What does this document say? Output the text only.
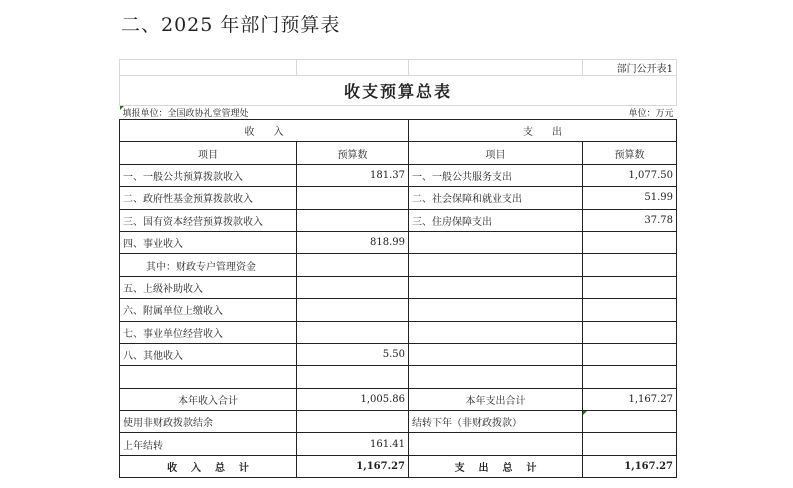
二、2025 年部门预算表
			部门公开表1
收支预算总表			

填报单位：全国政协礼堂管理处			单位：万元
收      入		支      出	
项目	预算数	项目	预算数
一、一般公共预算拨款收入	181.37	一、一般公共服务支出	1,077.50
二、政府性基金预算拨款收入		二、社会保障和就业支出	51.99
三、国有资本经营预算拨款收入		三、住房保障支出	37.78
四、事业收入	818.99		
其中：财政专户管理资金			
五、上级补助收入			
六、附属单位上缴收入			
七、事业单位经营收入			
八、其他收入	5.50		

本年收入合计	1,005.86	本年支出合计	1,167.27
使用非财政拨款结余		结转下年（非财政拨款）	

上年结转	161.41		
收    入    总    计	1,167.27	支    出    总    计	1,167.27
